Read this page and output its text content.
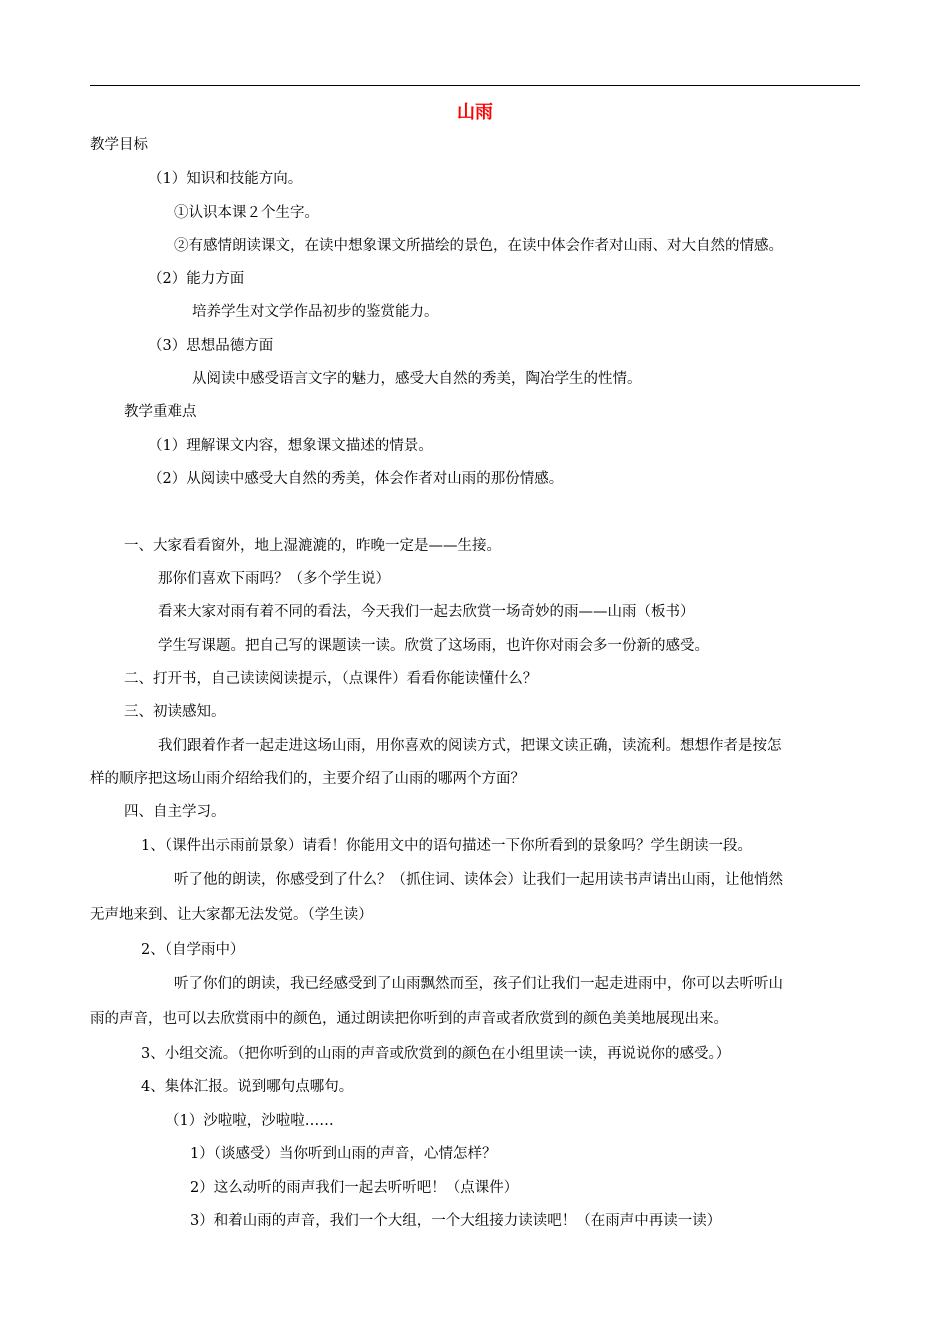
山雨
教学目标
（1）知识和技能方向。
①认识本课２个生字。
②有感情朗读课文，在读中想象课文所描绘的景色，在读中体会作者对山雨、对大自然的情感。
（2）能力方面
培养学生对文学作品初步的鉴赏能力。
（3）思想品德方面
从阅读中感受语言文字的魅力，感受大自然的秀美，陶冶学生的性情。
教学重难点
（1）理解课文内容，想象课文描述的情景。
（2）从阅读中感受大自然的秀美，体会作者对山雨的那份情感。
一、大家看看窗外，地上湿漉漉的，昨晚一定是——生接。
那你们喜欢下雨吗？（多个学生说）
看来大家对雨有着不同的看法，今天我们一起去欣赏一场奇妙的雨——山雨（板书）
学生写课题。把自己写的课题读一读。欣赏了这场雨，也许你对雨会多一份新的感受。
二、打开书，自己读读阅读提示，（点课件）看看你能读懂什么？
三、初读感知。
我们跟着作者一起走进这场山雨，用你喜欢的阅读方式，把课文读正确，读流利。想想作者是按怎
样的顺序把这场山雨介绍给我们的，主要介绍了山雨的哪两个方面？
四、自主学习。
1、（课件出示雨前景象）请看！你能用文中的语句描述一下你所看到的景象吗？学生朗读一段。
听了他的朗读，你感受到了什么？（抓住词、读体会）让我们一起用读书声请出山雨，让他悄然
无声地来到、让大家都无法发觉。（学生读）
2、（自学雨中）
听了你们的朗读，我已经感受到了山雨飘然而至，孩子们让我们一起走进雨中，你可以去听听山
雨的声音，也可以去欣赏雨中的颜色，通过朗读把你听到的声音或者欣赏到的颜色美美地展现出来。
3、小组交流。（把你听到的山雨的声音或欣赏到的颜色在小组里读一读，再说说你的感受。）
4、集体汇报。说到哪句点哪句。
（1）沙啦啦，沙啦啦……
1）（谈感受）当你听到山雨的声音，心情怎样？
2）这么动听的雨声我们一起去听听吧！（点课件）
3）和着山雨的声音，我们一个大组，一个大组接力读读吧！（在雨声中再读一读）
